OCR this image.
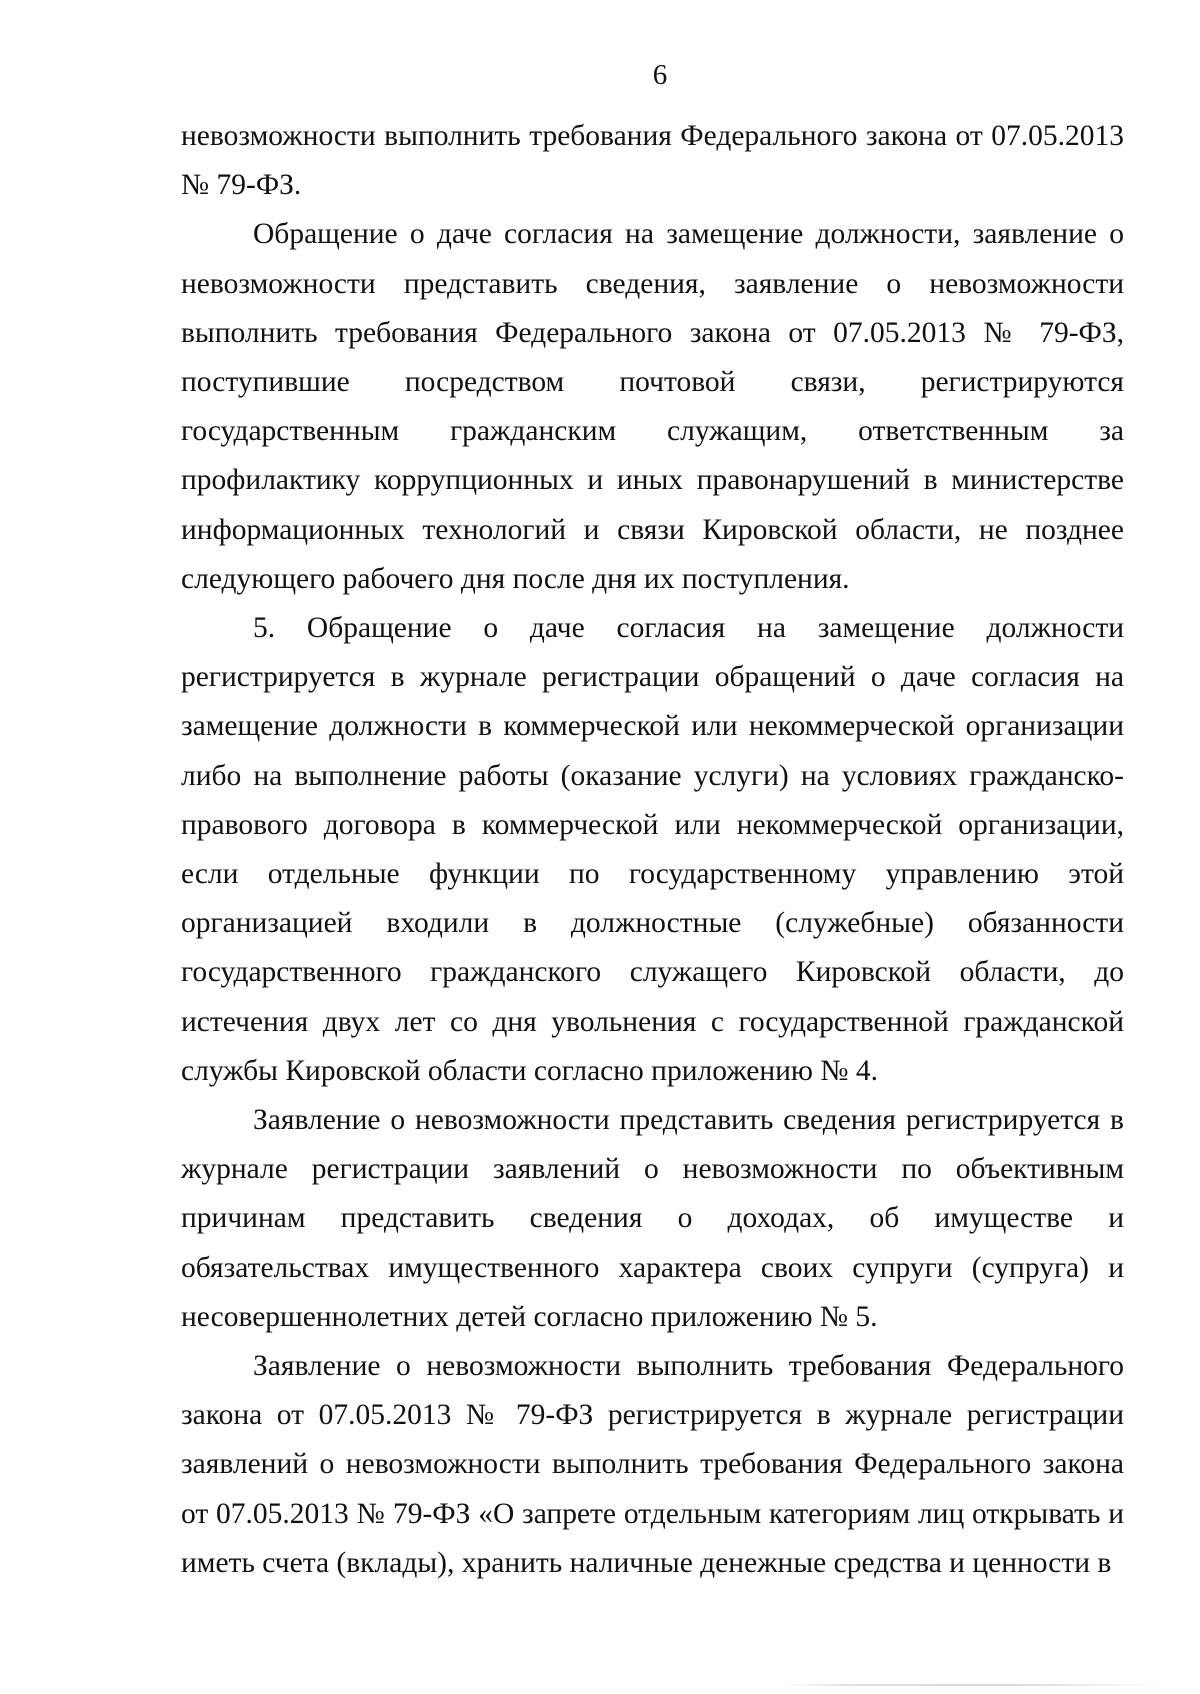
6

невозможности выполнить требования Федерального закона от 07.05.2013 № 79-ФЗ.

Обращение о даче согласия на замещение должности, заявление о невозможности представить сведения, заявление о невозможности выполнить требования Федерального закона от 07.05.2013 № 79-ФЗ, поступившие посредством почтовой связи, регистрируются государственным гражданским служащим, ответственным за профилактику коррупционных и иных правонарушений в министерстве информационных технологий и связи Кировской области, не позднее следующего рабочего дня после дня их поступления.

5. Обращение о даче согласия на замещение должности регистрируется в журнале регистрации обращений о даче согласия на замещение должности в коммерческой или некоммерческой организации либо на выполнение работы (оказание услуги) на условиях гражданско-правового договора в коммерческой или некоммерческой организации, если отдельные функции по государственному управлению этой организацией входили в должностные (служебные) обязанности государственного гражданского служащего Кировской области, до истечения двух лет со дня увольнения с государственной гражданской службы Кировской области согласно приложению № 4.

Заявление о невозможности представить сведения регистрируется в журнале регистрации заявлений о невозможности по объективным причинам представить сведения о доходах, об имуществе и обязательствах имущественного характера своих супруги (супруга) и несовершеннолетних детей согласно приложению № 5.

Заявление о невозможности выполнить требования Федерального закона от 07.05.2013 № 79-ФЗ регистрируется в журнале регистрации заявлений о невозможности выполнить требования Федерального закона от 07.05.2013 № 79-ФЗ «О запрете отдельным категориям лиц открывать и иметь счета (вклады), хранить наличные денежные средства и ценности в
